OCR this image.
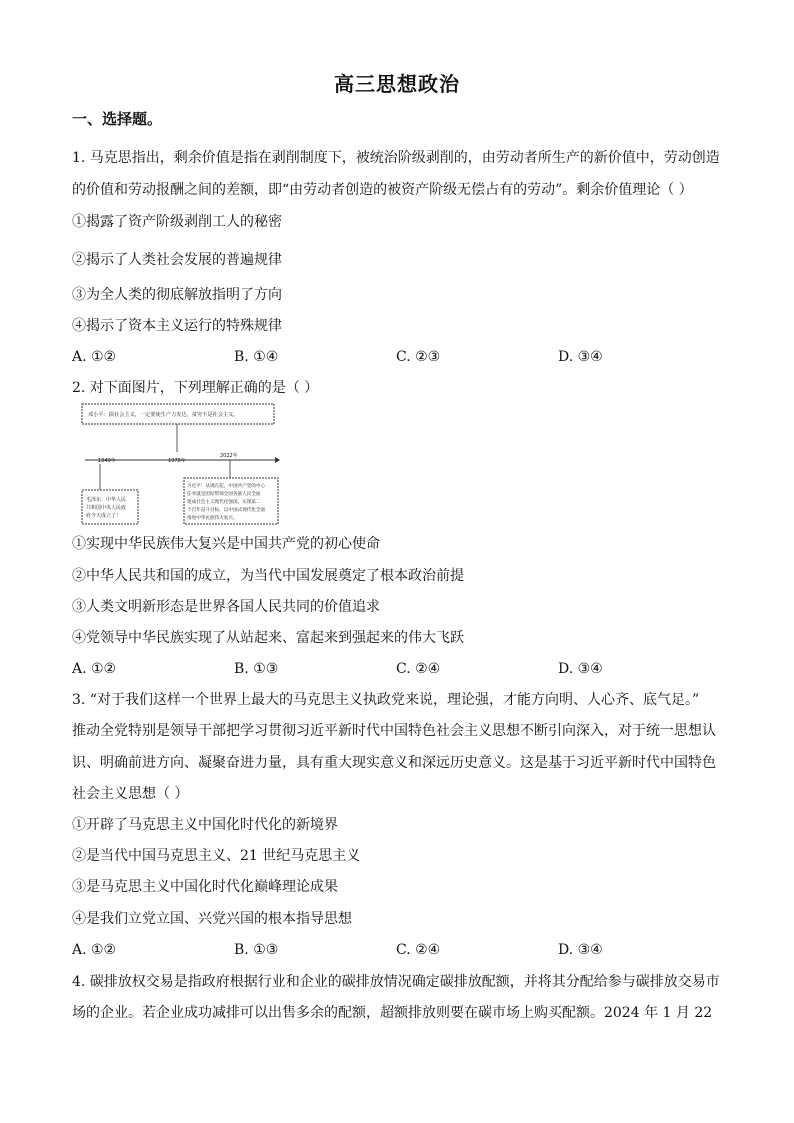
高三思想政治
一、选择题。
1. 马克思指出，剩余价值是指在剥削制度下，被统治阶级剥削的，由劳动者所生产的新价值中，劳动创造
的价值和劳动报酬之间的差额，即“由劳动者创造的被资产阶级无偿占有的劳动”。剩余价值理论（ ）
①揭露了资产阶级剥削工人的秘密
②揭示了人类社会发展的普遍规律
③为全人类的彻底解放指明了方向
④揭示了资本主义运行的特殊规律
A. ①②	B. ①④	C. ②③	D. ③④
2. 对下面图片，下列理解正确的是（ ）
邓小平：搞社会主义，一定要使生产力发达，贫穷不是社会主义。
1949年	1978年
2022年
毛泽东：中华人民
共和国中央人民政
府今天成立了！
习近平：从现在起，中国共产党的中心
任务就是团结带领全国各族人民全面
建成社会主义现代化强国、实现第二
个百年奋斗目标，以中国式现代化全面
推进中华民族伟大复兴。
①实现中华民族伟大复兴是中国共产党的初心使命
②中华人民共和国的成立，为当代中国发展奠定了根本政治前提
③人类文明新形态是世界各国人民共同的价值追求
④党领导中华民族实现了从站起来、富起来到强起来的伟大飞跃
A. ①②	B. ①③	C. ②④	D. ③④
3. “对于我们这样一个世界上最大的马克思主义执政党来说，理论强，才能方向明、人心齐、底气足。”
推动全党特别是领导干部把学习贯彻习近平新时代中国特色社会主义思想不断引向深入，对于统一思想认
识、明确前进方向、凝聚奋进力量，具有重大现实意义和深远历史意义。这是基于习近平新时代中国特色
社会主义思想（ ）
①开辟了马克思主义中国化时代化的新境界
②是当代中国马克思主义、21 世纪马克思主义
③是马克思主义中国化时代化巅峰理论成果
④是我们立党立国、兴党兴国的根本指导思想
A. ①②	B. ①③	C. ②④	D. ③④
4. 碳排放权交易是指政府根据行业和企业的碳排放情况确定碳排放配额，并将其分配给参与碳排放交易市
场的企业。若企业成功减排可以出售多余的配额，超额排放则要在碳市场上购买配额。2024 年 1 月 22
